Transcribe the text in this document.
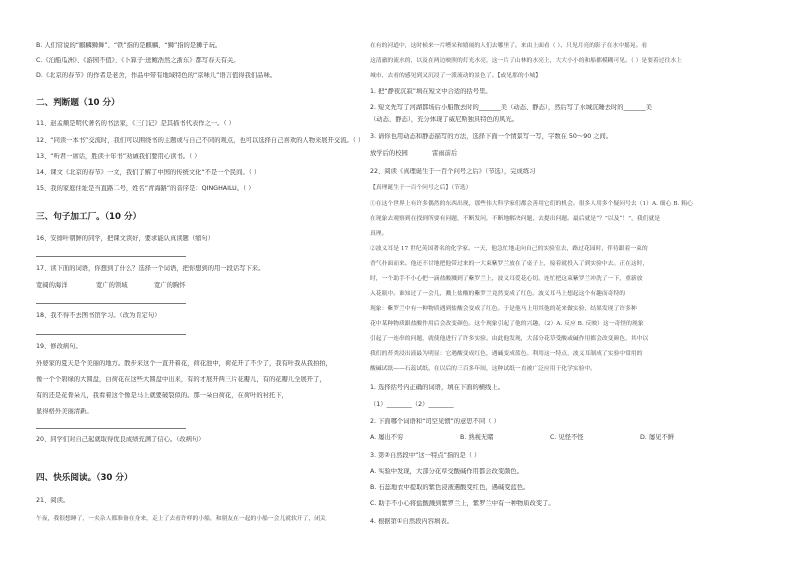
B. 人们常说的“麒麟狮舞”、“铁”指的是麒麟、“狮”指的是狮子玩。
C.《泊船瓜洲》、《游园不值》、《卜算子·送鲍浩然之浙东》都写春天有关。
D.《北京的春节》的作者是老舍，作品中带有地域特色的“京味儿”语言值得我们品味。
二、判断题（10 分）
11、赵孟頫是明代著名的书法家，《三门记》是其描书代表作之一。（ ）
12、“同读一本书”交流时，我们可以围绕书的主题或与自己不同的观点，也可以选择自己喜欢的人物来展开交流。（ ）
13、“听君一席话，胜读十年书”劝诫我们要用心读书。（ ）
14、课文《北京的春节》一文，我们了解了中国的传统文化“不是一个民间。（ ）
15、我的家庭住址是当直路二号，姓名“青海路”的音序是：QINGHAILU。（ ）
三、句子加工厂。（10 分）
16、安排叶朝鲜的同学，把课文读好，要求能认真读题（缩句）
17、读下面的词语，你想到了什么？选择一个词语，把你想到的用一段话写下来。
宽阔的海洋	宽广的领域	宽广的胸怀
18、我不得不去图书馆学习。（改为肯定句）
19、修改病句。
外婆家的夏天是个美丽的地方。散步来这个一直开着花，荷花池中，荷花开了不少了，我有叶我从我拍拍，
像一个个碧绿的大圆盘，白荷花在这些大圆盘中出来，有的才展开两三片花瓣儿，有的花瓣儿全展开了，
有的还是花骨朵儿，我看着这个像是马上就要破裂似的。那一朵白荷花，在荷叶的衬托下，
显得格外美丽清新。
20、同学们对自己起就取得优良成绩充满了信心。（改病句）
四、快乐阅读。（30 分）
21、阅读。
午夜，我很想睡了，一夹杂人都准备在身来，走上了去看许样的小船，和朋友在一起的小船一会儿就软开了，闭关
在有的河道中，这时候来一片嘈采和嬉闹的人们去哪里了。来由上面看（ ）、只见月亮的影子在水中摇晃。看
这清澈的流水的，以及在两边映照的灯光水亮，这一片了山林的水亮上，大大小小的和船都模糊可见。（ ）是要着过往水上
城市，去看的感见到又沉浸了一派流动的景色了。【或见那的小城】
1. 把“静夜沉寂”填在短文中合适的括号里。
2. 短文先写了河湖都场后小船散去时的_______美（动态、静态），然后写了水城沉睡去时的_______美
（动态、静态），充分体现了威尼斯独具特色的风光。
3. 请你也用动态和静态描写的方法，选择下面一个情景写一写，字数在 50～90 之间。
放学后的校园	雷雨前后
22、阅读《真理诞生于一百个问号之后》（节选），完成练习
【真理诞生于一百个问号之后】（节选）
①在这个世界上有许多偶然的东西出现，那些伟大科学家们都会善用它们的机会。很多人用多个疑问号去（1）A. 细心 B. 粗心
在现象去观察到在找到所要有问题，不断发问，不断地解决问题，去提出问题。最后就是“？”以及“！”，我们就是
真理。
②波义耳是 17 世纪英国著名的化学家。一天，他急忙地走向自己的实验室去，路过花园时，伴侍跟着一束的
香气扑面而来。他还不甘地把他带过来的一大束紫罗兰放在了桌子上，接着就投入了到实验中去。正在这时，
时，一个助手不小心把一滴盐酸溅到了紫罗兰上，波义耳爱花心切，连忙把这束紫罗兰冲洗了一下，重新放
入花瓶中。谁知过了一会儿，溅上盐酸的紫罗兰竟然变成了红色。波义耳马上想起这个有趣而奇特的
现象：紫罗兰中有一种物质遇到盐酸会变成了红色。于是他马上用其他的花来做实验，结果发现了许多种
花中某种物质跟盐酸作用后会改变颜色。这个现象引起了他的兴趣。（2）A. 反应 B. 反映）这一奇怪的现象
引起了一连串的问题，就使他进行了许多实验。由此他发现，大部分花草受酸或碱作用都会改变颜色，其中以
我们的苔类浸出液最为明显：它遇酸变成红色，遇碱变成蓝色。利用这一特点，波义耳制成了实验中常用的
酸碱试纸——石蕊试纸。在以后的三百多年间，这种试纸一直被广泛应用于化学实验中。
1. 选择括号内正确的词语，填在下面的横线上。
（1）________（2）________
2. 下面哪个词语和“司空见惯”的意思不同（ ）
A. 屡出不穷	B. 熟视无睹	C. 见怪不怪	D. 屡见不鲜
3. 第②自然段中“这一特点”指的是（ ）
A. 实验中发现，大部分花草受酸碱作用都会改变颜色。
B. 石蕊地衣中提取的紫色浸液遇酸变红色，遇碱变蓝色。
C. 助手不小心将盐酸溅到紫罗兰上，紫罗兰中有一种物质改变了。
4. 根据第①自然段内容填表。
